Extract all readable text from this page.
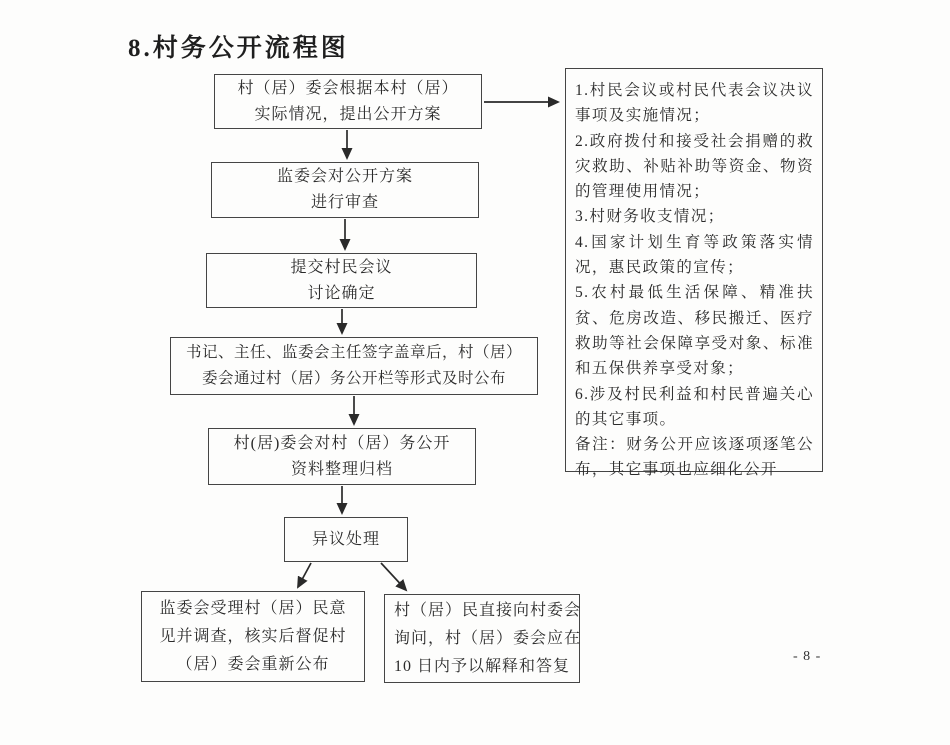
8.村务公开流程图
村（居）委会根据本村（居）
实际情况，提出公开方案
监委会对公开方案
进行审查
提交村民会议
讨论确定
书记、主任、监委会主任签字盖章后，村（居）
委会通过村（居）务公开栏等形式及时公布
村(居)委会对村（居）务公开
资料整理归档
异议处理
监委会受理村（居）民意
见并调查，核实后督促村
（居）委会重新公布
村（居）民直接向村委会
询问，村（居）委会应在
10 日内予以解释和答复

1.村民会议或村民代表会议决议事项及实施情况；

2.政府拨付和接受社会捐赠的救灾救助、补贴补助等资金、物资的管理使用情况；

3.村财务收支情况；

4.国家计划生育等政策落实情况，惠民政策的宣传；

5.农村最低生活保障、精准扶贫、危房改造、移民搬迁、医疗救助等社会保障享受对象、标准和五保供养享受对象；

6.涉及村民利益和村民普遍关心的其它事项。

备注：财务公开应该逐项逐笔公布，其它事项也应细化公开

- 8 -
